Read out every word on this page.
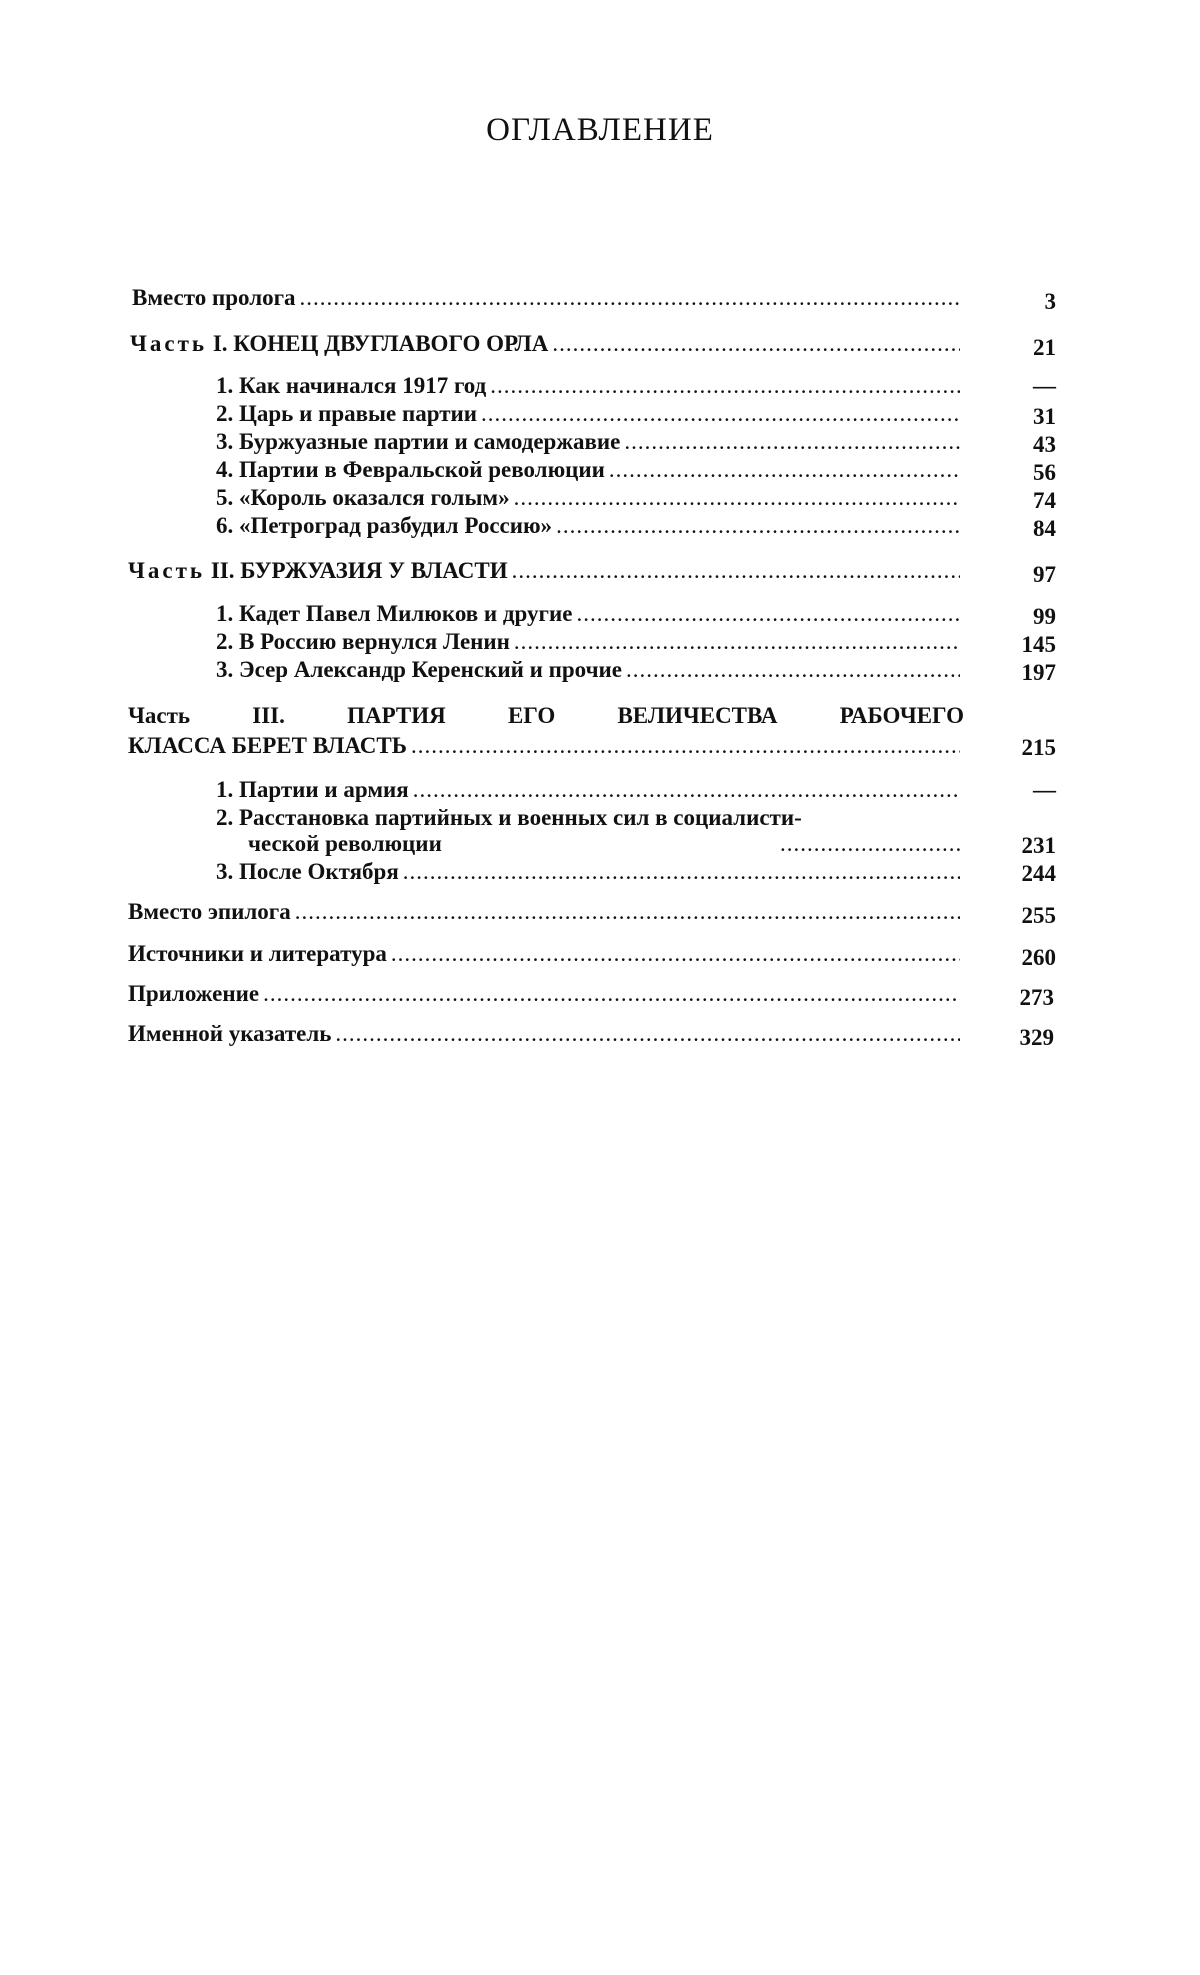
ОГЛАВЛЕНИЕ
Вместо пролога .....	3
Часть I. КОНЕЦ ДВУГЛАВОГО ОРЛА .....	21
1. Как начинался 1917 год .....	—
2. Царь и правые партии .....	31
3. Буржуазные партии и самодержавие .....	43
4. Партии в Февральской революции .....	56
5. «Король оказался голым» .....	74
6. «Петроград разбудил Россию» .....	84
Часть II. БУРЖУАЗИЯ У ВЛАСТИ .....	97
1. Кадет Павел Милюков и другие .....	99
2. В Россию вернулся Ленин .....	145
3. Эсер Александр Керенский и прочие .....	197
Часть III. ПАРТИЯ ЕГО ВЕЛИЧЕСТВА РАБОЧЕГО
КЛАССА БЕРЕТ ВЛАСТЬ .....	215
1. Партии и армия .....	—
2. Расстановка партийных и военных сил в социалисти-
ческой революции	...........................	231
3. После Октября .....	244
Вместо эпилога .....	255
Источники и литература .....	260
Приложение .....	273
Именной указатель .....	329
